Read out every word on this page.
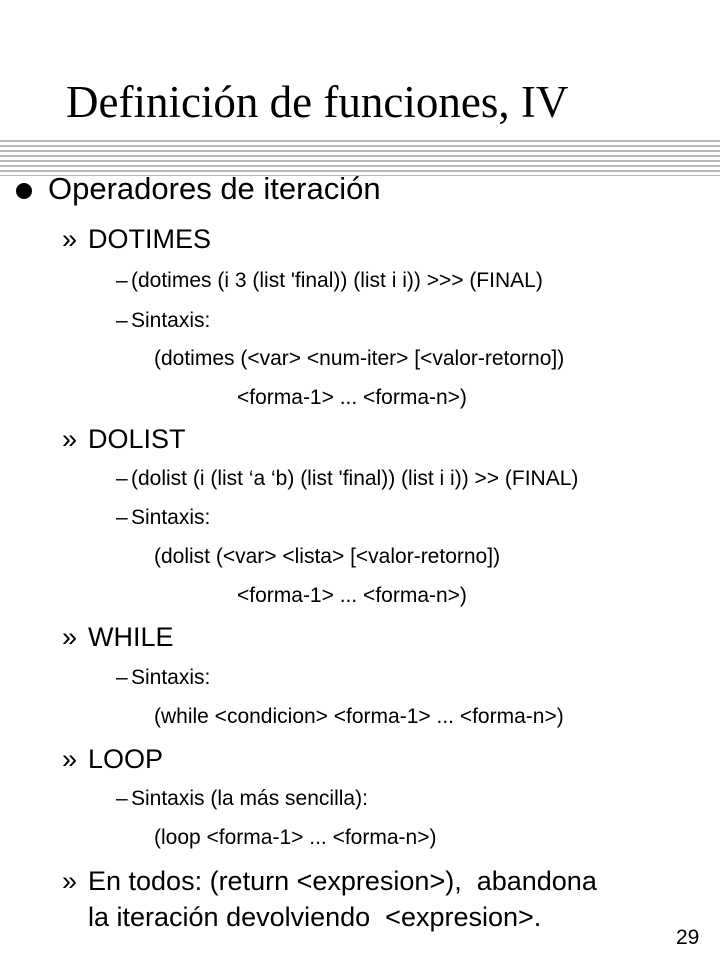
Definición de funciones, IV
Operadores de iteración
» DOTIMES
– (dotimes (i 3 (list 'final)) (list i i)) >>> (FINAL)
– Sintaxis:
(dotimes (<var> <num-iter> [<valor-retorno])
<forma-1> ... <forma-n>)
» DOLIST
– (dolist (i (list ‘a ‘b) (list 'final)) (list i i)) >> (FINAL)
– Sintaxis:
(dolist (<var> <lista> [<valor-retorno])
<forma-1> ... <forma-n>)
» WHILE
– Sintaxis:
(while <condicion> <forma-1> ... <forma-n>)
» LOOP
– Sintaxis (la más sencilla):
(loop <forma-1> ... <forma-n>)
» En todos: (return <expresion>),  abandona
la iteración devolviendo  <expresion>.
29
